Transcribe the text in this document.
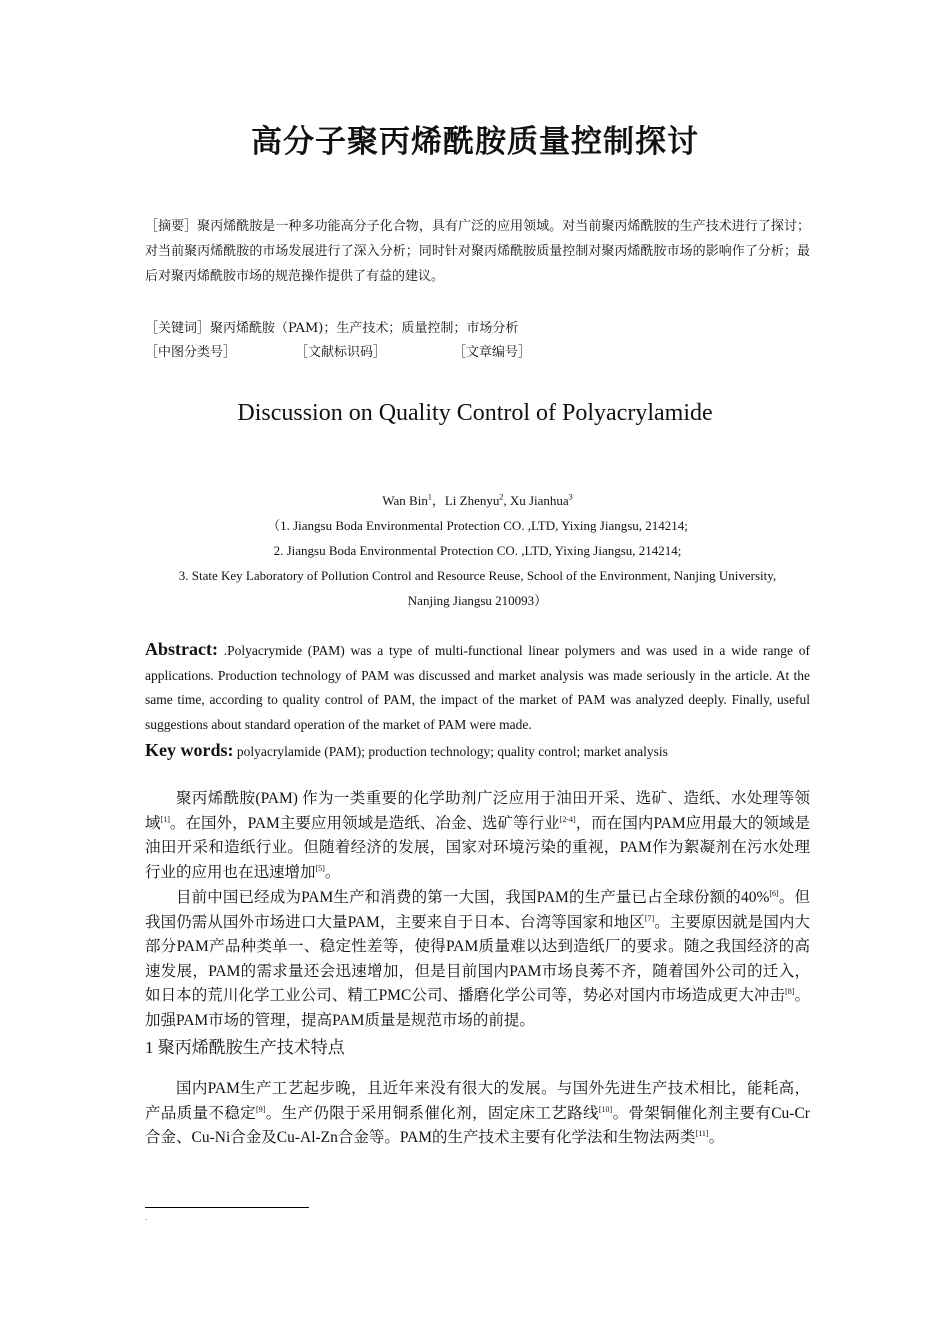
高分子聚丙烯酰胺质量控制探讨

［摘要］聚丙烯酰胺是一种多功能高分子化合物，具有广泛的应用领域。对当前聚丙烯酰胺的生产技术进行了探讨；对当前聚丙烯酰胺的市场发展进行了深入分析；同时针对聚丙烯酰胺质量控制对聚丙烯酰胺市场的影响作了分析；最后对聚丙烯酰胺市场的规范操作提供了有益的建议。

［关键词］聚丙烯酰胺（PAM)；生产技术；质量控制；市场分析

［中图分类号］	［文献标识码］	［文章编号］
Discussion on Quality Control of Polyacrylamide
Wan Bin$^1$，Li Zhenyu$^2$, Xu Jianhua$^3$
（1. Jiangsu Boda Environmental Protection CO. ,LTD, Yixing Jiangsu, 214214;
2. Jiangsu Boda Environmental Protection CO. ,LTD, Yixing Jiangsu, 214214;
3. State Key Laboratory of Pollution Control and Resource Reuse, School of the Environment, Nanjing University,
Nanjing Jiangsu 210093）

Abstract: .Polyacrymide (PAM) was a type of multi-functional linear polymers and was used in a wide range of applications. Production technology of PAM was discussed and market analysis was made seriously in the article. At the same time, according to quality control of PAM, the impact of the market of PAM was analyzed deeply. Finally, useful suggestions about standard operation of the market of PAM were made.

Key words: polyacrylamide (PAM); production technology; quality control; market analysis

聚丙烯酰胺(PAM) 作为一类重要的化学助剂广泛应用于油田开采、选矿、造纸、水处理等领域[1]。在国外，PAM主要应用领域是造纸、冶金、选矿等行业[2-4]，而在国内PAM应用最大的领域是油田开采和造纸行业。但随着经济的发展，国家对环境污染的重视，PAM作为絮凝剂在污水处理行业的应用也在迅速增加[5]。

目前中国已经成为PAM生产和消费的第一大国，我国PAM的生产量已占全球份额的40%[6]。但我国仍需从国外市场进口大量PAM，主要来自于日本、台湾等国家和地区[7]。主要原因就是国内大部分PAM产品种类单一、稳定性差等，使得PAM质量难以达到造纸厂的要求。随之我国经济的高速发展，PAM的需求量还会迅速增加，但是目前国内PAM市场良莠不齐，随着国外公司的迁入，如日本的荒川化学工业公司、精工PMC公司、播磨化学公司等，势必对国内市场造成更大冲击[8]。加强PAM市场的管理，提高PAM质量是规范市场的前提。

1 聚丙烯酰胺生产技术特点

国内PAM生产工艺起步晚，且近年来没有很大的发展。与国外先进生产技术相比，能耗高，产品质量不稳定[9]。生产仍限于采用铜系催化剂，固定床工艺路线[10]。骨架铜催化剂主要有Cu-Cr合金、Cu-Ni合金及Cu-Al-Zn合金等。PAM的生产技术主要有化学法和生物法两类[11]。

.
